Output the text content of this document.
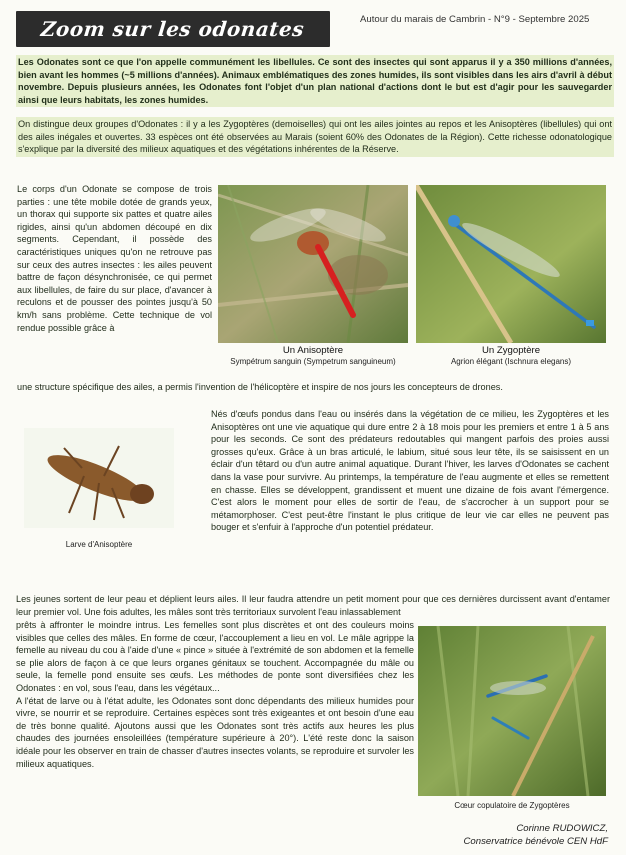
Zoom sur les odonates	Autour du marais de Cambrin - N°9 - Septembre 2025

Les Odonates sont ce que l'on appelle communément les libellules. Ce sont des insectes qui sont apparus il y a 350 millions d'années, bien avant les hommes (~5 millions d'années). Animaux emblématiques des zones humides, ils sont visibles dans les airs d'avril à début novembre. Depuis plusieurs années, les Odonates font l'objet d'un plan national d'actions dont le but est d'agir pour les sauvegarder ainsi que leurs habitats, les zones humides.

On distingue deux groupes d'Odonates : il y a les Zygoptères (demoiselles) qui ont les ailes jointes au repos et les Anisoptères (libellules) qui ont des ailes inégales et ouvertes. 33 espèces ont été observées au Marais (soient 60% des Odonates de la Région). Cette richesse odonatologique s'explique par la diversité des milieux aquatiques et des végétations inhérentes de la Réserve.

Le corps d'un Odonate se compose de trois parties : une tête mobile dotée de grands yeux, un thorax qui supporte six pattes et quatre ailes rigides, ainsi qu'un abdomen découpé en dix segments. Cependant, il possède des caractéristiques uniques qu'on ne retrouve pas sur ceux des autres insectes : les ailes peuvent battre de façon désynchronisée, ce qui permet aux libellules, de faire du sur place, d'avancer à reculons et de pousser des pointes jusqu'à 50 km/h sans problème. Cette technique de vol rendue possible grâce à

Un Anisoptère
Sympétrum sanguin (Sympetrum sanguineum)
Un Zygoptère
Agrion élégant (Ischnura elegans)

une structure spécifique des ailes, a permis l'invention de l'hélicoptère et inspire de nos jours les concepteurs de drones.

Larve d'Anisoptère

Nés d'œufs pondus dans l'eau ou insérés dans la végétation de ce milieu, les Zygoptères et les Anisoptères ont une vie aquatique qui dure entre 2 à 18 mois pour les premiers et entre 1 à 5 ans pour les seconds. Ce sont des prédateurs redoutables qui mangent parfois des proies aussi grosses qu'eux. Grâce à un bras articulé, le labium, situé sous leur tête, ils se saisissent en un éclair d'un têtard ou d'un autre animal aquatique. Durant l'hiver, les larves d'Odonates se cachent dans la vase pour survivre. Au printemps, la température de l'eau augmente et elles se remettent en chasse. Elles se développent, grandissent et muent une dizaine de fois avant l'émergence. C'est alors le moment pour elles de sortir de l'eau, de s'accrocher à un support pour se métamorphoser. C'est peut-être l'instant le plus critique de leur vie car elles ne peuvent pas bouger et s'enfuir à l'approche d'un potentiel prédateur.

Les jeunes sortent de leur peau et déplient leurs ailes. Il leur faudra attendre un petit moment pour que ces dernières durcissent avant d'entamer leur premier vol. Une fois adultes, les mâles sont très territoriaux survolent l'eau inlassablement

prêts à affronter le moindre intrus. Les femelles sont plus discrètes et ont des couleurs moins visibles que celles des mâles. En forme de cœur, l'accouplement a lieu en vol. Le mâle agrippe la femelle au niveau du cou à l'aide d'une « pince » située à l'extrémité de son abdomen et la femelle se plie alors de façon à ce que leurs organes génitaux se touchent. Accompagnée du mâle ou seule, la femelle pond ensuite ses œufs. Les méthodes de ponte sont diversifiées chez les Odonates : en vol, sous l'eau, dans les végétaux...
A l'état de larve ou à l'état adulte, les Odonates sont donc dépendants des milieux humides pour vivre, se nourrir et se reproduire. Certaines espèces sont très exigeantes et ont besoin d'une eau de très bonne qualité. Ajoutons aussi que les Odonates sont très actifs aux heures les plus chaudes des journées ensoleillées (température supérieure à 20°). L'été reste donc la saison idéale pour les observer en train de chasser d'autres insectes volants, se reproduire et survoler les milieux aquatiques.
Cœur copulatoire de Zygoptères
Corinne RUDOWICZ,
Conservatrice bénévole CEN HdF
